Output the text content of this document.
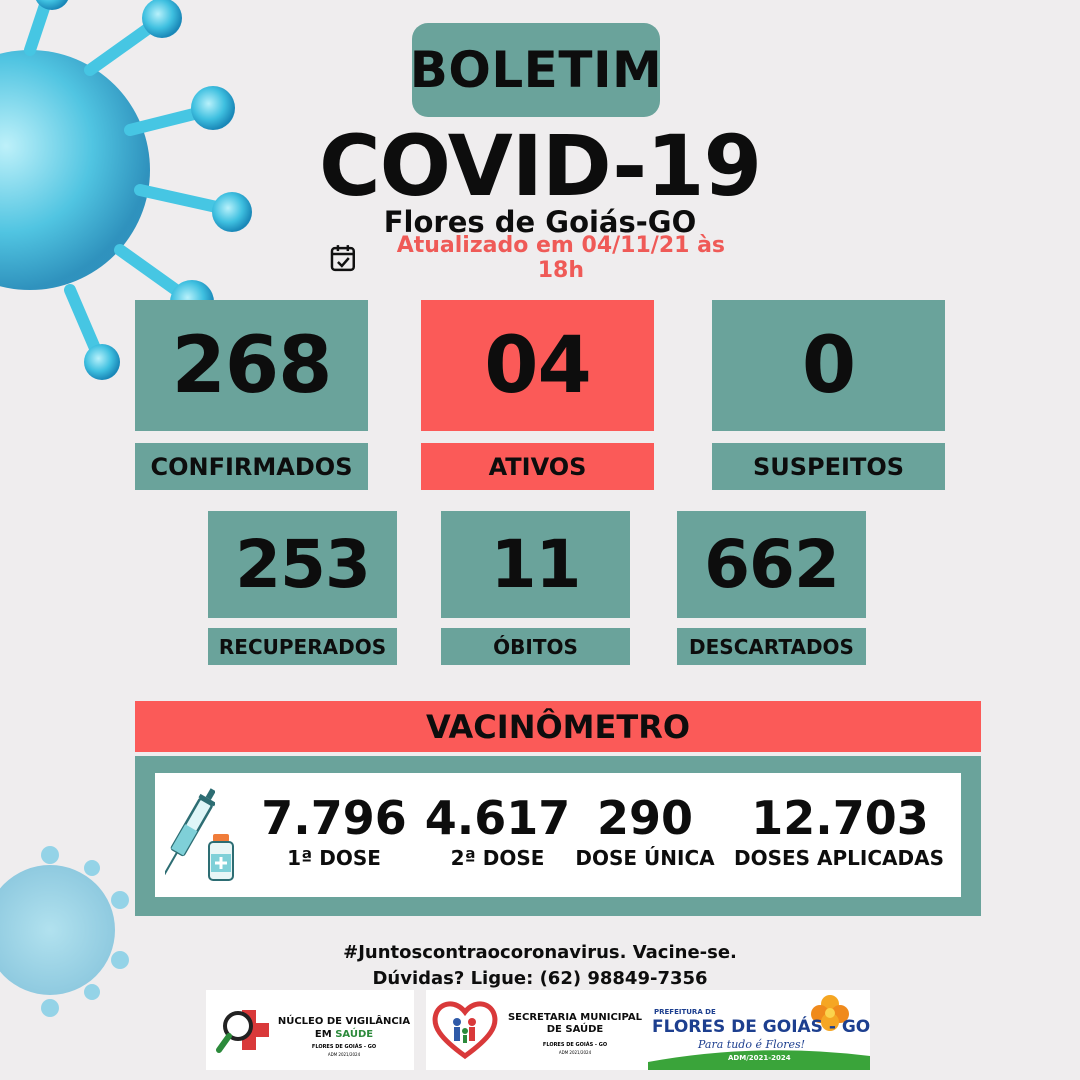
BOLETIM
COVID-19
Flores de Goiás-GO
Atualizado em 04/11/21 às 18h
268
CONFIRMADOS
04
ATIVOS
0
SUSPEITOS
253
RECUPERADOS
11
ÓBITOS
662
DESCARTADOS
VACINÔMETRO
7.796
1ª DOSE
4.617
2ª DOSE
290
DOSE ÚNICA
12.703
DOSES APLICADAS
#Juntoscontraocoronavirus. Vacine-se.
Dúvidas? Ligue: (62) 98849-7356
NÚCLEO DE VIGILÂNCIA
EM SAÚDE
FLORES DE GOIÁS - GO
ADM 2021/2024
SECRETARIA MUNICIPAL
DE SAÚDE
FLORES DE GOIÁS - GO
ADM 2021/2024
PREFEITURA DE
FLORES DE GOIÁS - GO
Para tudo é Flores!
ADM/2021-2024
